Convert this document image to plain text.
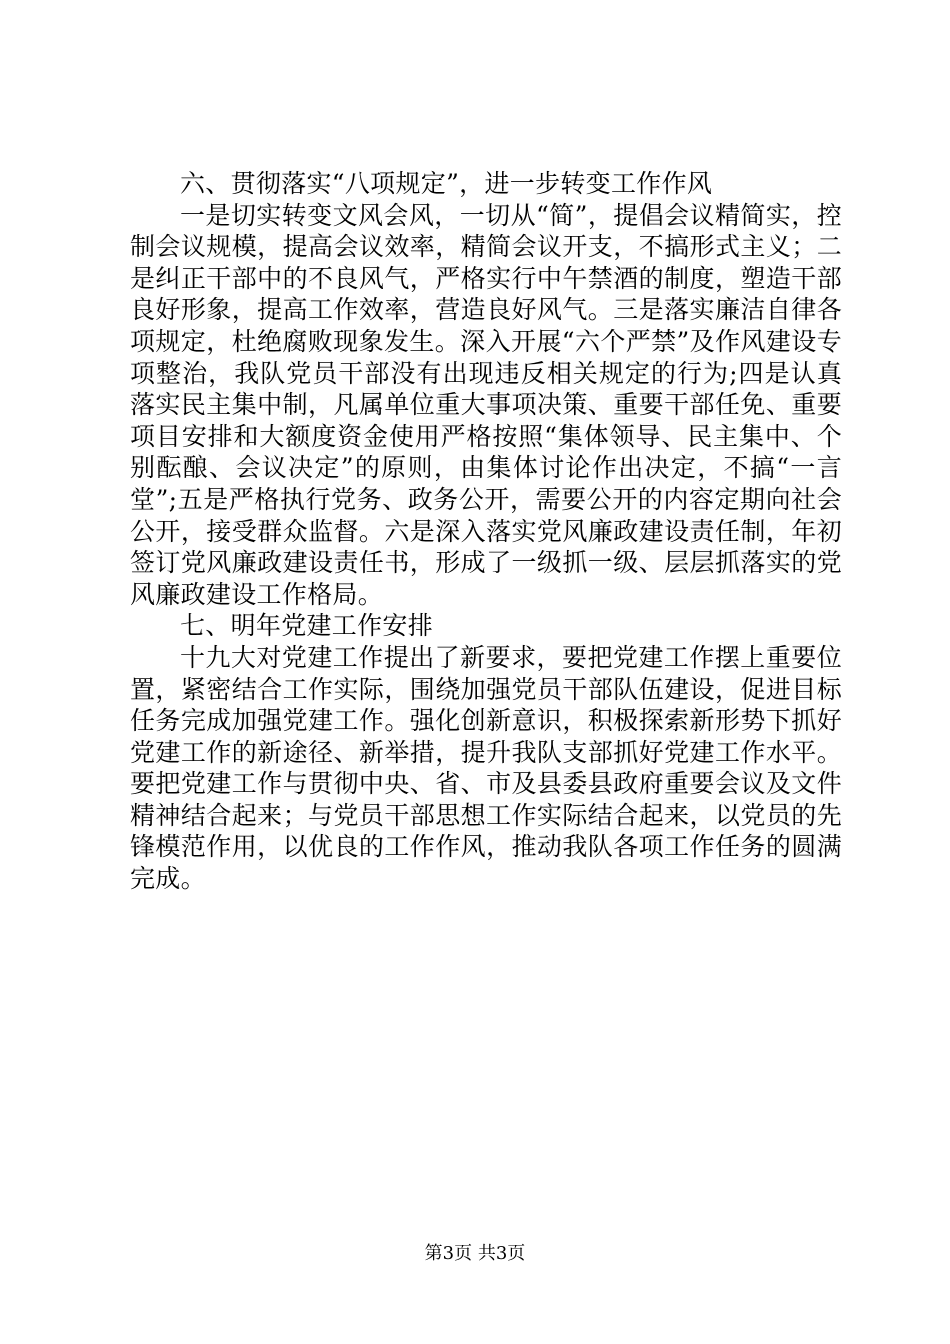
六、贯彻落实“八项规定”，进一步转变工作作风

一是切实转变文风会风，一切从“简”，提倡会议精简实，控制会议规模，提高会议效率，精简会议开支，不搞形式主义；二是纠正干部中的不良风气，严格实行中午禁酒的制度，塑造干部良好形象，提高工作效率，营造良好风气。三是落实廉洁自律各项规定，杜绝腐败现象发生。深入开展“六个严禁”及作风建设专项整治，我队党员干部没有出现违反相关规定的行为;四是认真落实民主集中制，凡属单位重大事项决策、重要干部任免、重要项目安排和大额度资金使用严格按照“集体领导、民主集中、个别酝酿、会议决定”的原则，由集体讨论作出决定，不搞“一言堂”;五是严格执行党务、政务公开，需要公开的内容定期向社会公开，接受群众监督。六是深入落实党风廉政建设责任制，年初签订党风廉政建设责任书，形成了一级抓一级、层层抓落实的党风廉政建设工作格局。

七、明年党建工作安排

十九大对党建工作提出了新要求，要把党建工作摆上重要位置，紧密结合工作实际，围绕加强党员干部队伍建设，促进目标任务完成加强党建工作。强化创新意识，积极探索新形势下抓好党建工作的新途径、新举措，提升我队支部抓好党建工作水平。要把党建工作与贯彻中央、省、市及县委县政府重要会议及文件精神结合起来；与党员干部思想工作实际结合起来，以党员的先锋模范作用，以优良的工作作风，推动我队各项工作任务的圆满完成。

第3页 共3页
